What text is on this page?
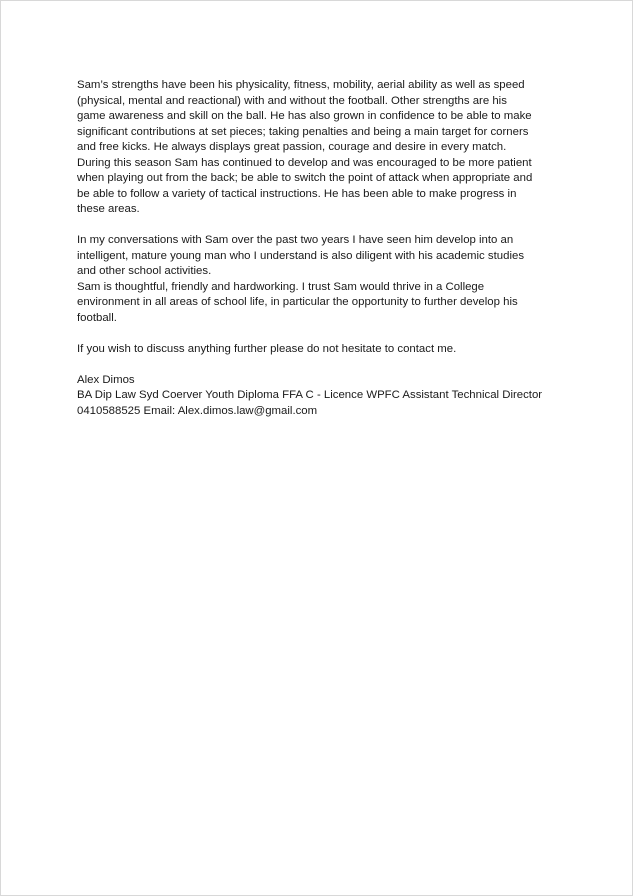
Sam’s strengths have been his physicality, fitness, mobility, aerial ability as well as speed
(physical, mental and reactional) with and without the football. Other strengths are his
game awareness and skill on the ball. He has also grown in confidence to be able to make
significant contributions at set pieces; taking penalties and being a main target for corners
and free kicks. He always displays great passion, courage and desire in every match.
During this season Sam has continued to develop and was encouraged to be more patient
when playing out from the back; be able to switch the point of attack when appropriate and
be able to follow a variety of tactical instructions. He has been able to make progress in
these areas.

In my conversations with Sam over the past two years I have seen him develop into an
intelligent, mature young man who I understand is also diligent with his academic studies
and other school activities.
Sam is thoughtful, friendly and hardworking. I trust Sam would thrive in a College
environment in all areas of school life, in particular the opportunity to further develop his
football.

If you wish to discuss anything further please do not hesitate to contact me.

Alex Dimos
BA Dip Law Syd Coerver Youth Diploma FFA C - Licence WPFC Assistant Technical Director
0410588525 Email: Alex.dimos.law@gmail.com
